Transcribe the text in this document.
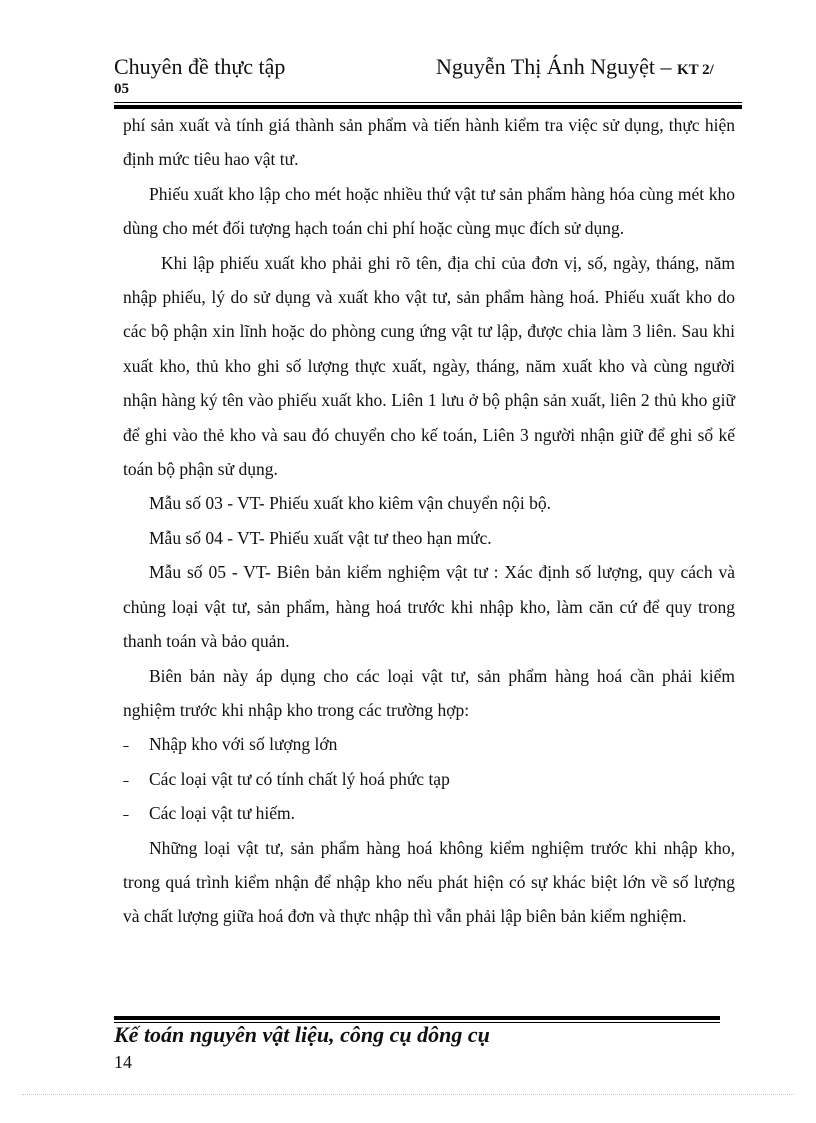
Chuyên đề thực tập	Nguyễn Thị Ánh Nguyệt – KT 2/
05

phí sản xuất và tính giá thành sản phẩm và tiến hành kiểm tra việc sử dụng, thực hiện định mức tiêu hao vật tư.

Phiếu xuất kho lập cho mét hoặc nhiều thứ vật tư sản phẩm hàng hóa cùng mét kho dùng cho mét đối tượng hạch toán chi phí hoặc cùng mục đích sử dụng.

Khi lập phiếu xuất kho phải ghi rõ tên, địa chỉ của đơn vị, số, ngày, tháng, năm nhập phiếu, lý do sử dụng và xuất kho vật tư, sản phẩm hàng hoá. Phiếu xuất kho do các bộ phận xin lĩnh hoặc do phòng cung ứng vật tư lập, được chia làm 3 liên. Sau khi xuất kho, thủ kho ghi số lượng thực xuất, ngày, tháng, năm xuất kho và cùng người nhận hàng ký tên vào phiếu xuất kho. Liên 1 lưu ở bộ phận sản xuất, liên 2 thủ kho giữ để ghi vào thẻ kho và sau đó chuyển cho kế toán, Liên 3 người nhận giữ để ghi sổ kế toán bộ phận sử dụng.

Mẫu số 03 - VT- Phiếu xuất kho kiêm vận chuyển nội bộ.

Mẫu số 04 - VT- Phiếu xuất vật tư theo hạn mức.

Mẫu số 05 - VT- Biên bản kiểm nghiệm vật tư : Xác định số lượng, quy cách và chủng loại vật tư, sản phẩm, hàng hoá trước khi nhập kho, làm căn cứ để quy trong thanh toán và bảo quản.

Biên bản này áp dụng cho các loại vật tư, sản phẩm hàng hoá cần phải kiểm nghiệm trước khi nhập kho trong các trường hợp:

˗	Nhập kho với số lượng lớn
˗	Các loại vật tư có tính chất lý hoá phức tạp
˗	Các loại vật tư hiếm.

Những loại vật tư, sản phẩm hàng hoá không kiểm nghiệm trước khi nhập kho, trong quá trình kiểm nhận để nhập kho nếu phát hiện có sự khác biệt lớn về số lượng và chất lượng giữa hoá đơn và thực nhập thì vẫn phải lập biên bản kiểm nghiệm.

Kế toán nguyên vật liệu, công cụ dông cụ
14
